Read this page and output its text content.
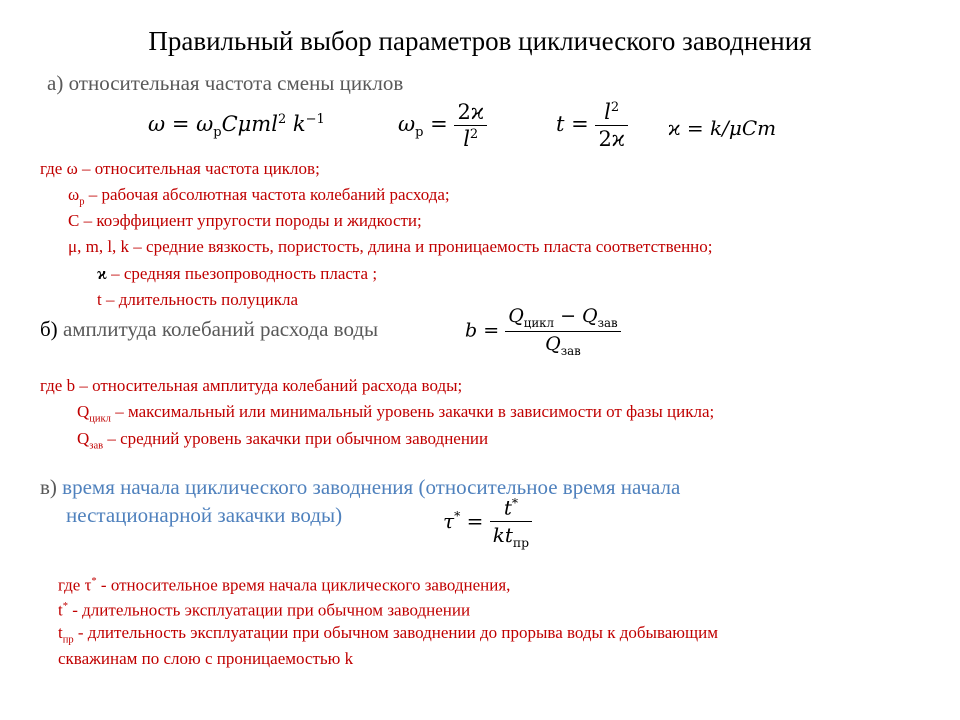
Правильный выбор параметров циклического заводнения
а) относительная частота смены циклов
$\omega = \omega_рC\mu ml^2$ $k^{-1}$	$\omega_р = \frac{2ϰ}{l^2}$	$t = \frac{l^2}{2ϰ}$ ϰ = k/μCm
где ω – относительная частота циклов;
$\omega_р$ – рабочая абсолютная частота колебаний расхода;
С – коэффициент упругости породы и жидкости;
μ, m, l, k – средние вязкость, пористость, длина и проницаемость пласта соответственно;
ϰ – средняя пьезопроводность пласта ;
t – длительность полуцикла
б) амплитуда колебаний расхода воды	$b = \frac{Q_{цикл} - Q_{зав}}{Q_{зав}}$
где b – относительная амплитуда колебаний расхода воды;
$Q_{цикл}$ – максимальный или минимальный уровень закачки в зависимости от фазы цикла;
$Q_{зав}$ – средний уровень закачки при обычном заводнении
в) время начала циклического заводнения (относительное время начала
нестационарной закачки воды)	$\tau^* = \frac{t^*}{kt_{пр}}$
где τ* - относительное время начала циклического заводнения,
t* - длительность эксплуатации при обычном заводнении
$t_{пр}$ - длительность эксплуатации при обычном заводнении до прорыва воды к добывающим
скважинам по слою с проницаемостью k
